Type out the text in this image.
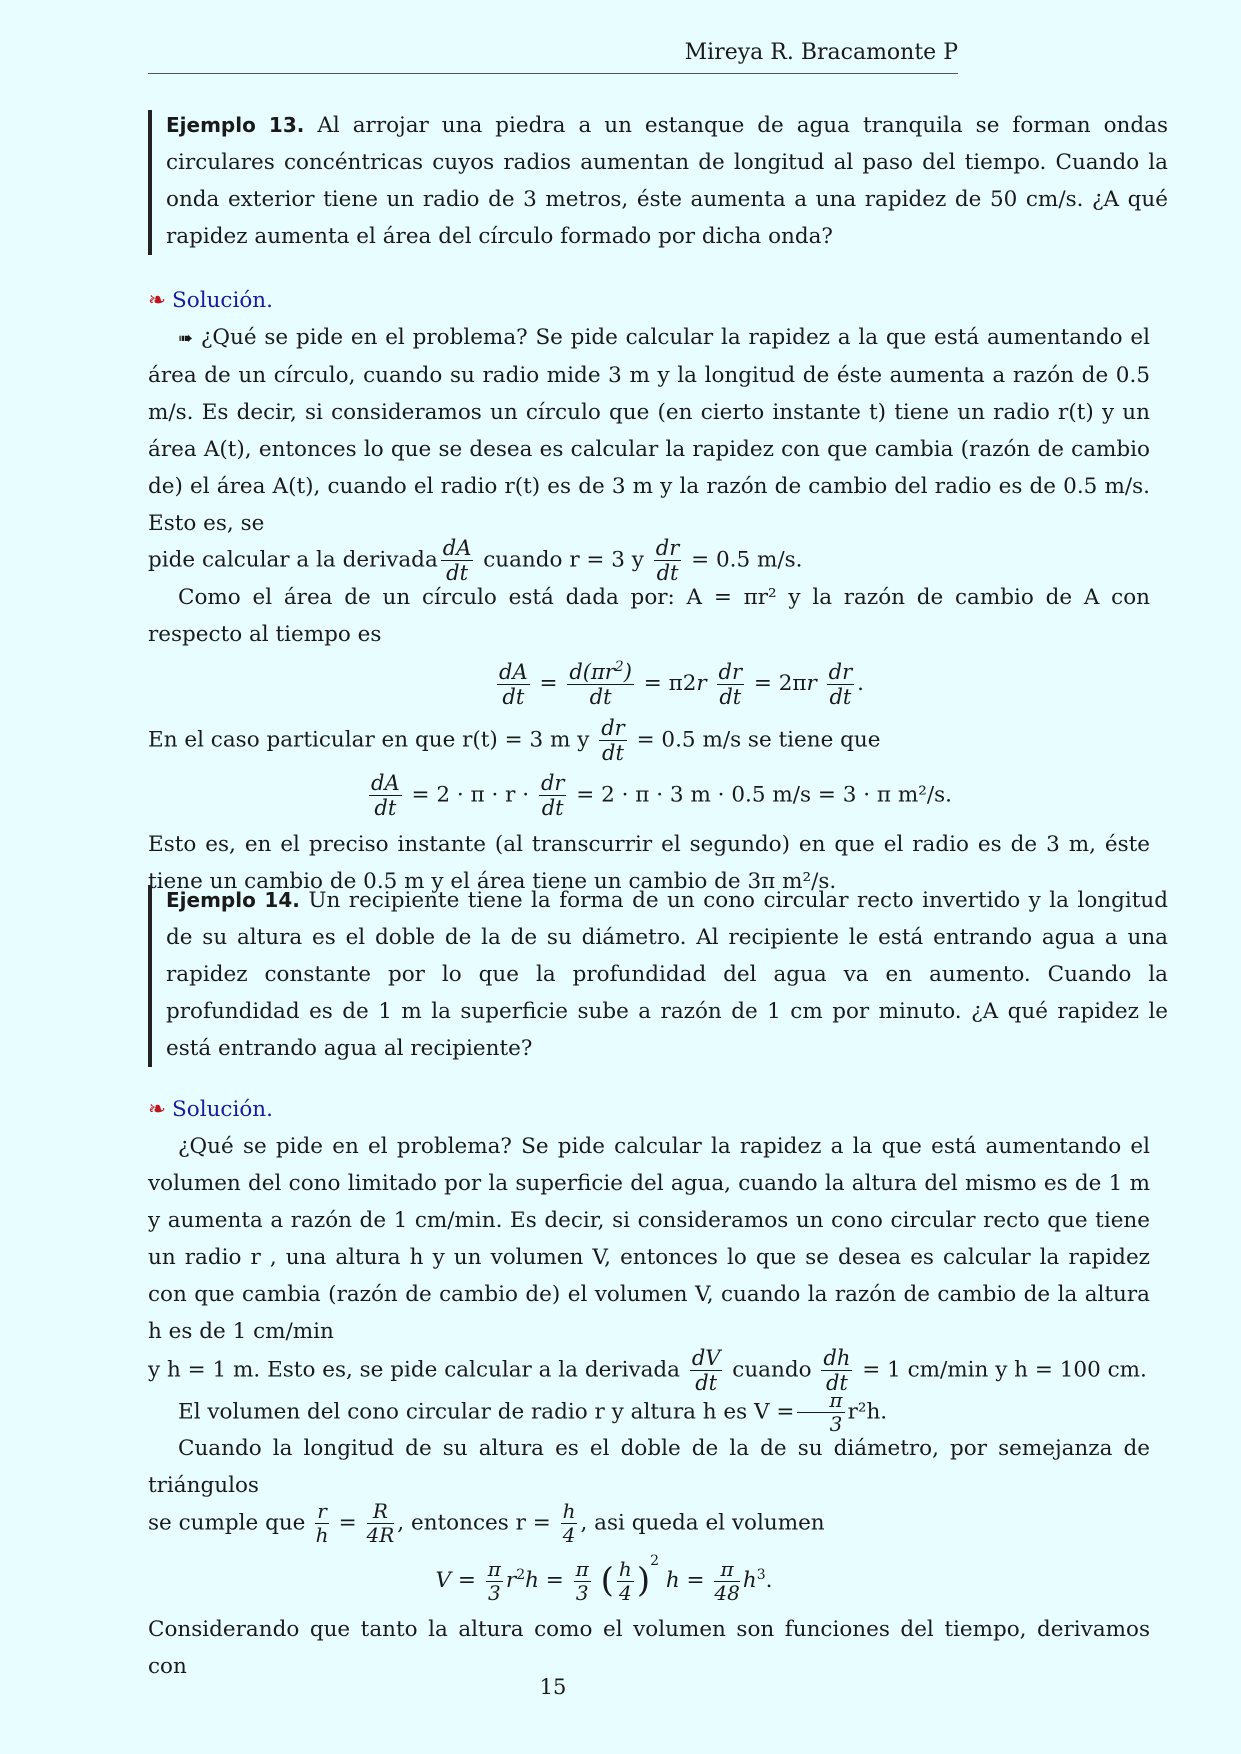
Mireya R. Bracamonte P

Ejemplo 13. Al arrojar una piedra a un estanque de agua tranquila se forman ondas circulares concéntricas cuyos radios aumentan de longitud al paso del tiempo. Cuando la onda exterior tiene un radio de 3 metros, éste aumenta a una rapidez de 50 cm/s. ¿A qué rapidez aumenta el área del círculo formado por dicha onda?

❧ Solución.

➠ ¿Qué se pide en el problema? Se pide calcular la rapidez a la que está aumentando el área de un círculo, cuando su radio mide 3 m y la longitud de éste aumenta a razón de 0.5 m/s. Es decir, si consideramos un círculo que (en cierto instante t) tiene un radio r(t) y un área A(t), entonces lo que se desea es calcular la rapidez con que cambia (razón de cambio de) el área A(t), cuando el radio r(t) es de 3 m y la razón de cambio del radio es de 0.5 m/s. Esto es, se

pide calcular a la derivada $\frac{dA}{dt}$ cuando r = 3 y $\frac{dr}{dt} = 0.5$ m/s.

Como el área de un círculo está dada por: A = πr² y la razón de cambio de A con respecto al tiempo es

$\frac{dA}{dt} = \frac{d(\pi r^2)}{dt} = \pi 2r \frac{dr}{dt} = 2\pi r \frac{dr}{dt}$ .

En el caso particular en que r(t) = 3 m y $\frac{dr}{dt} = 0.5$ m/s se tiene que

$\frac{dA}{dt} = 2 \cdot \pi \cdot r \cdot \frac{dr}{dt} = 2 \cdot \pi \cdot 3$ m · 0.5 m/s = 3 · π m²/s.

Esto es, en el preciso instante (al transcurrir el segundo) en que el radio es de 3 m, éste tiene un cambio de 0.5 m y el área tiene un cambio de 3π m²/s.

Ejemplo 14. Un recipiente tiene la forma de un cono circular recto invertido y la longitud de su altura es el doble de la de su diámetro. Al recipiente le está entrando agua a una rapidez constante por lo que la profundidad del agua va en aumento. Cuando la profundidad es de 1 m la superficie sube a razón de 1 cm por minuto. ¿A qué rapidez le está entrando agua al recipiente?

❧ Solución.

¿Qué se pide en el problema? Se pide calcular la rapidez a la que está aumentando el volumen del cono limitado por la superficie del agua, cuando la altura del mismo es de 1 m y aumenta a razón de 1 cm/min. Es decir, si consideramos un cono circular recto que tiene un radio r , una altura h y un volumen V, entonces lo que se desea es calcular la rapidez con que cambia (razón de cambio de) el volumen V, cuando la razón de cambio de la altura h es de 1 cm/min

y h = 1 m. Esto es, se pide calcular a la derivada $\frac{dV}{dt}$ cuando $\frac{dh}{dt} = 1$ cm/min y h = 100 cm.

El volumen del cono circular de radio r y altura h es $V = \frac{\pi}{3} r^2h$.

Cuando la longitud de su altura es el doble de la de su diámetro, por semejanza de triángulos

se cumple que $\frac{r}{h} = \frac{R}{4R}$ , entonces $r = \frac{h}{4}$ , asi queda el volumen

$V = \frac{\pi}{3} r^2h = \frac{\pi}{3}$ ( $\frac{h}{4} )^2$ $h = \frac{\pi}{48} h^3$.

Considerando que tanto la altura como el volumen son funciones del tiempo, derivamos con

15
